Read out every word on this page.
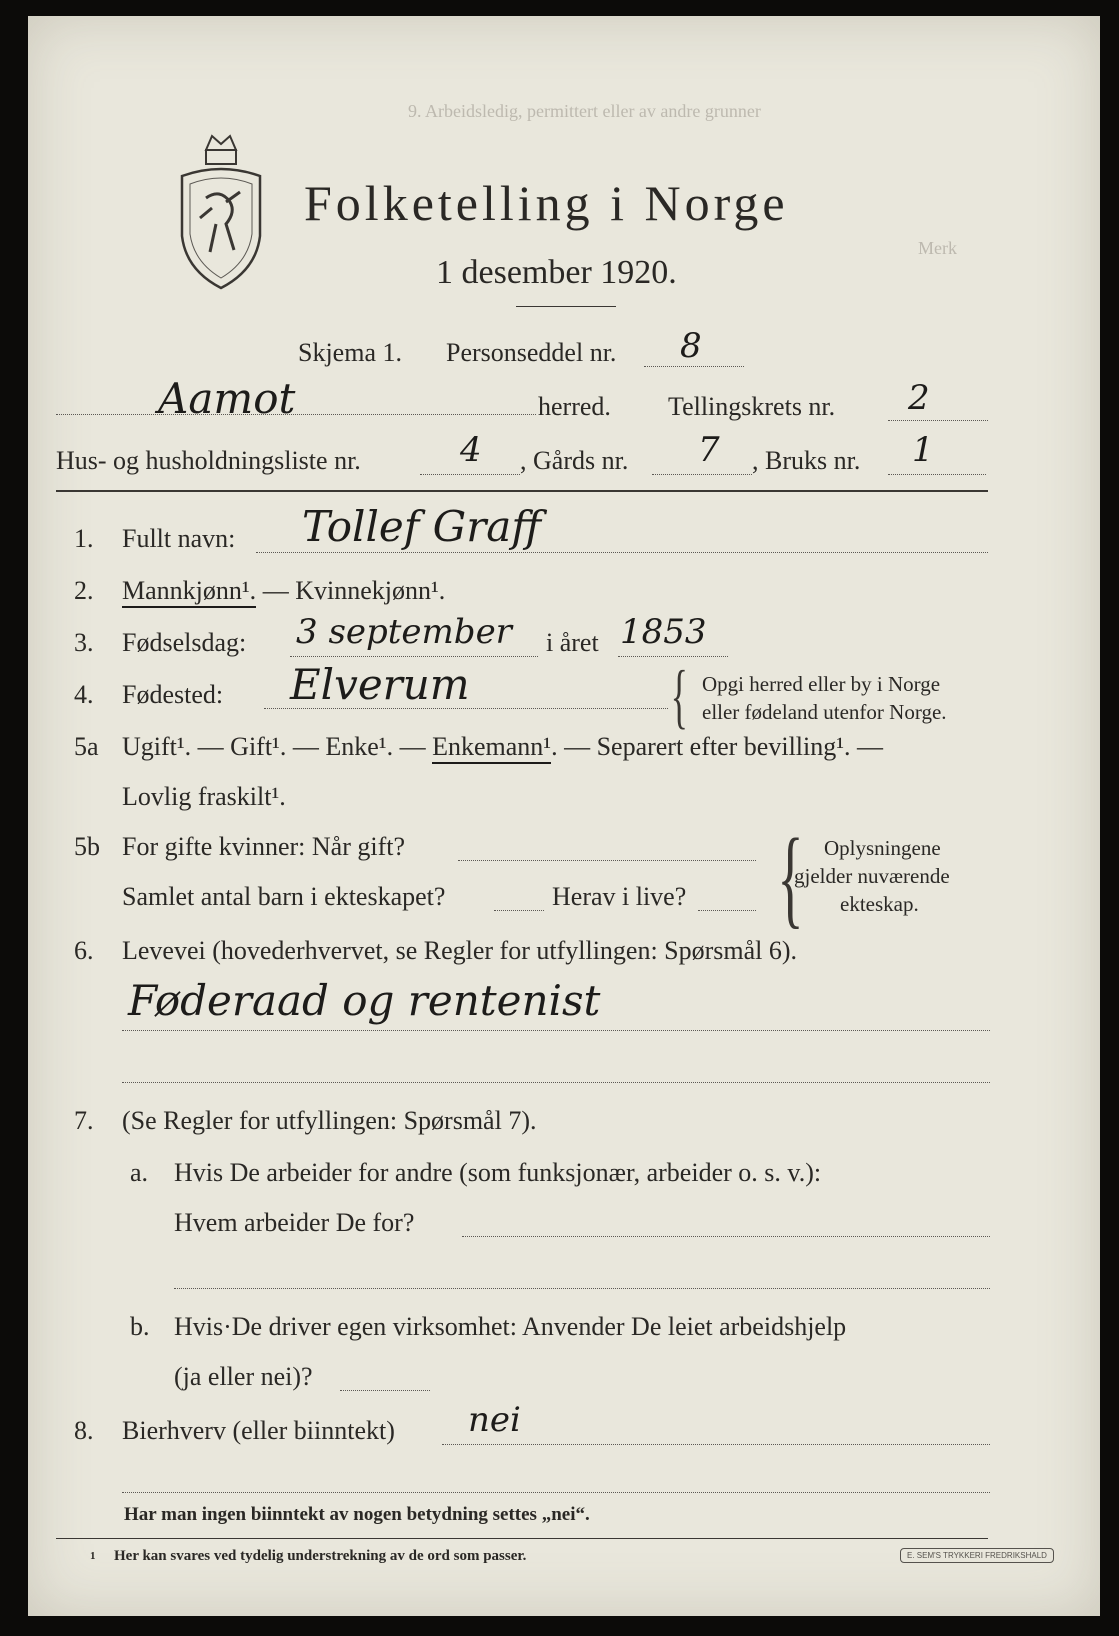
Folketelling i Norge
1 desember 1920.
9. Arbeidsledig, permittert eller av andre grunner
Merk
Skjema 1. Personseddel nr. 8
Aamot	herred. Tellingskrets nr. 2
Hus- og husholdningsliste nr.	4 , Gårds nr. 7 , Bruks nr. 1
1. Fullt navn: Tollef Graff
2. Mannkjønn¹. — Kvinnekjønn¹.
3. Fødselsdag: 3 september i året 1853
4. Fødested: Elverum	{ Opgi herred eller by i Norge
eller fødeland utenfor Norge.
5a Ugift¹. — Gift¹. — Enke¹. — Enkemann¹. — Separert efter bevilling¹. —
Lovlig fraskilt¹.
5b For gifte kvinner: Når gift?
Samlet antal barn i ekteskapet?	Herav i live? { Oplysningene
gjelder nuværende
ekteskap.
6. Levevei (hovederhvervet, se Regler for utfyllingen: Spørsmål 6).
Føderaad og rentenist
7. (Se Regler for utfyllingen: Spørsmål 7).
a. Hvis De arbeider for andre (som funksjonær, arbeider o. s. v.):
Hvem arbeider De for?
b. Hvis·De driver egen virksomhet: Anvender De leiet arbeidshjelp
(ja eller nei)?
8. Bierhverv (eller biinntekt) nei
Har man ingen biinntekt av nogen betydning settes „nei“.
1 Her kan svares ved tydelig understrekning av de ord som passer.	E. SEM'S TRYKKERI FREDRIKSHALD
